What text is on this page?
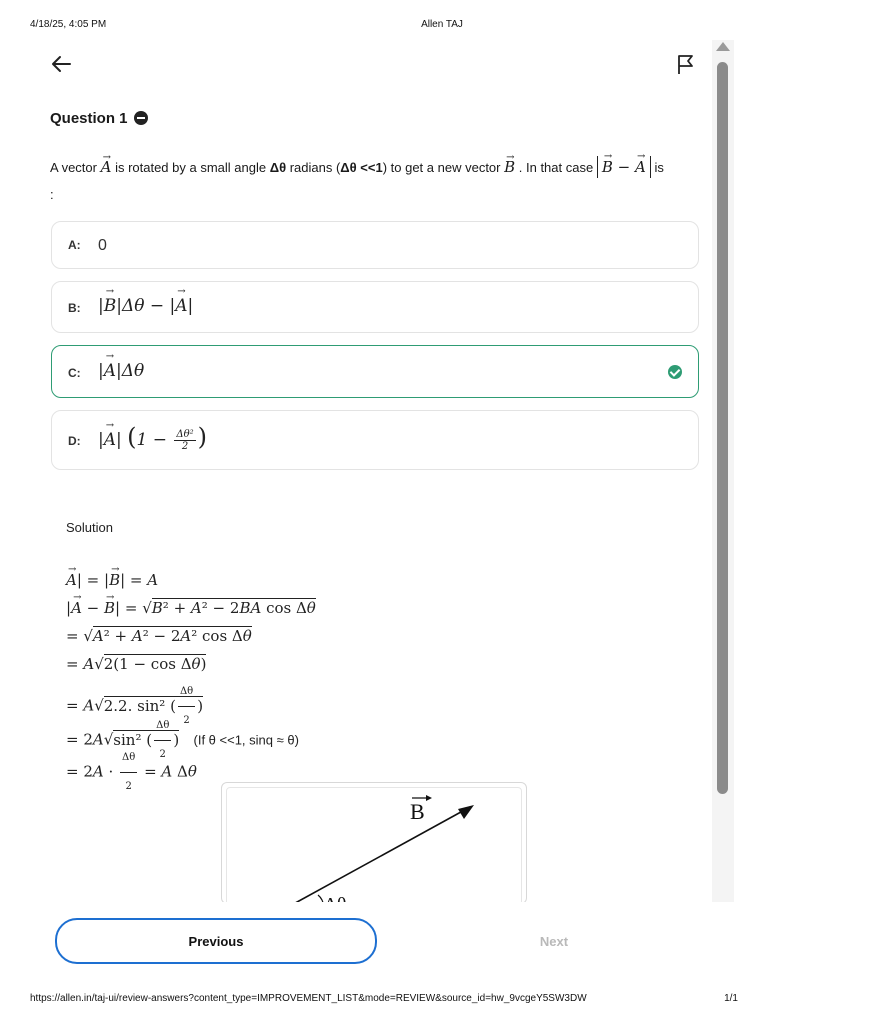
4/18/25, 4:05 PM	Allen TAJ
Question 1
A vector → A is rotated by a small angle Δθ radians (Δθ <<1) to get a new vector → B . In that case → B − → A is
:
A: 0
B: |→ B|Δθ − |→ A|
C: |→ A|Δθ
D: |→ A| ($1 - \frac{\text{Δθ²}}{2}$ )
Solution
→ A| = |→ B| = A
|→ A − → B| = √B² + A² − 2BA cos Δθ
= √A² + A² − 2A² cos Δθ
= A√2(1 − cos Δθ)
= A√2.2. sin² ( $\frac{\Delta\theta}{2}$ )
= 2A√sin² ( $\frac{\Delta\theta}{2}$ ) (If θ <<1, sinq ≈ θ)
= $2A \cdot \frac{\Delta\theta}{2} = A$ Δθ
B
Previous	Next
https://allen.in/taj-ui/review-answers?content_type=IMPROVEMENT_LIST&mode=REVIEW&source_id=hw_9vcgeY5SW3DW	1/1
